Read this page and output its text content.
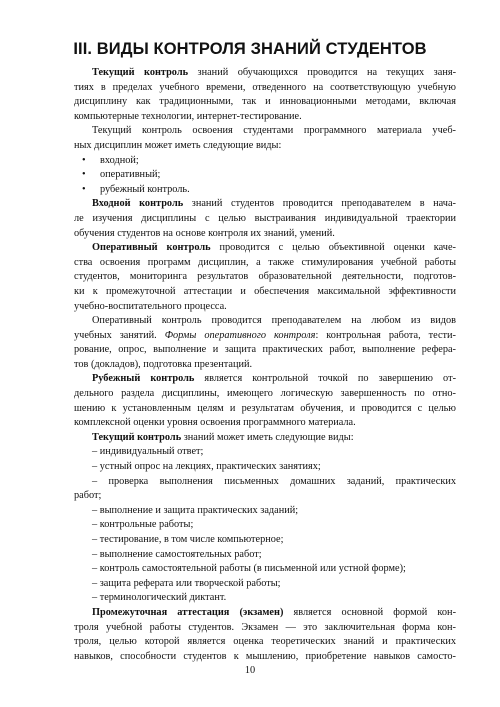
III. ВИДЫ КОНТРОЛЯ ЗНАНИЙ СТУДЕНТОВ
Текущий контроль знаний обучающихся проводится на текущих заня-
тиях в пределах учебного времени, отведенного на соответствующую учебную
дисциплину как традиционными, так и инновационными методами, включая
компьютерные технологии, интернет-тестирование.
Текущий контроль освоения студентами программного материала учеб-
ных дисциплин может иметь следующие виды:
• входной;
• оперативный;
• рубежный контроль.
Входной контроль знаний студентов проводится преподавателем в нача-
ле изучения дисциплины с целью выстраивания индивидуальной траектории
обучения студентов на основе контроля их знаний, умений.
Оперативный контроль проводится с целью объективной оценки каче-
ства освоения программ дисциплин, а также стимулирования учебной работы
студентов, мониторинга результатов образовательной деятельности, подготов-
ки к промежуточной аттестации и обеспечения максимальной эффективности
учебно-воспитательного процесса.
Оперативный контроль проводится преподавателем на любом из видов
учебных занятий. Формы оперативного контроля: контрольная работа, тести-
рование, опрос, выполнение и защита практических работ, выполнение рефера-
тов (докладов), подготовка презентаций.
Рубежный контроль является контрольной точкой по завершению от-
дельного раздела дисциплины, имеющего логическую завершенность по отно-
шению к установленным целям и результатам обучения, и проводится с целью
комплексной оценки уровня освоения программного материала.
Текущий контроль знаний может иметь следующие виды:
– индивидуальный ответ;
– устный опрос на лекциях, практических занятиях;
– проверка выполнения письменных домашних заданий, практических
работ;
– выполнение и защита практических заданий;
– контрольные работы;
– тестирование, в том числе компьютерное;
– выполнение самостоятельных работ;
– контроль самостоятельной работы (в письменной или устной форме);
– защита реферата или творческой работы;
– терминологический диктант.
Промежуточная аттестация (экзамен) является основной формой кон-
троля учебной работы студентов. Экзамен — это заключительная форма кон-
троля, целью которой является оценка теоретических знаний и практических
навыков, способности студентов к мышлению, приобретение навыков самосто-
10
